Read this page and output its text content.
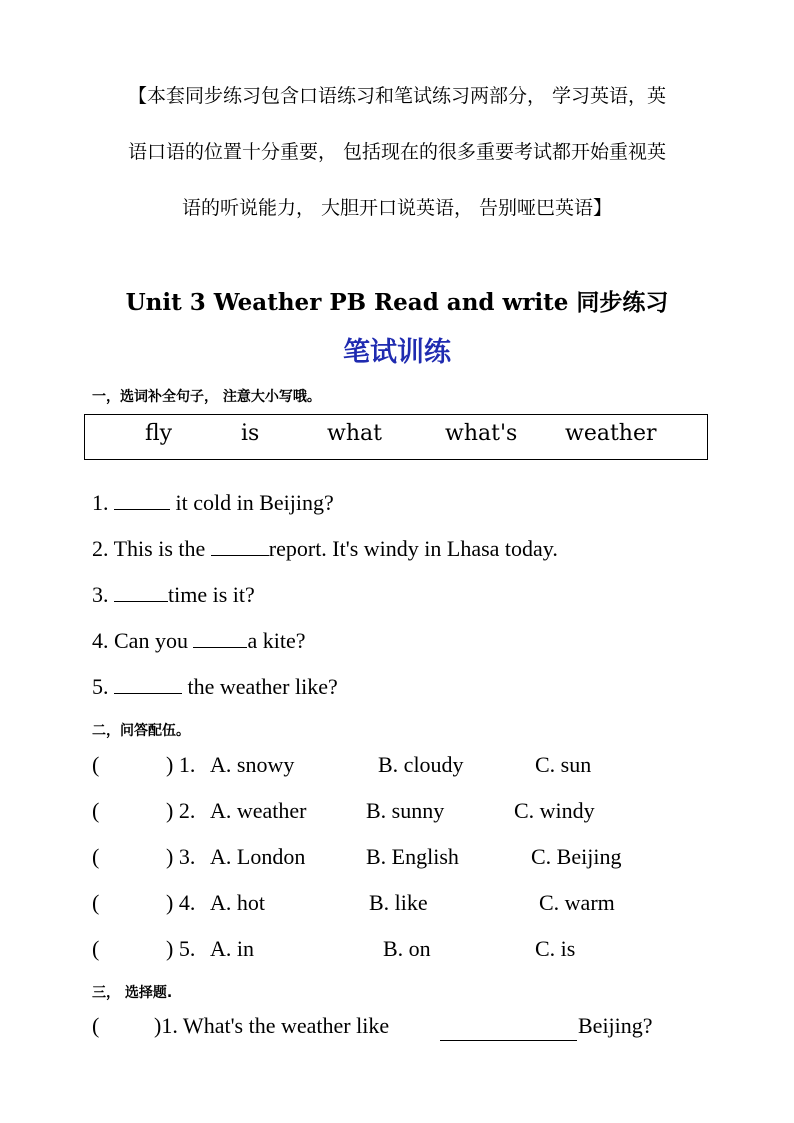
【本套同步练习包含口语练习和笔试练习两部分， 学习英语，英
语口语的位置十分重要， 包括现在的很多重要考试都开始重视英
语的听说能力， 大胆开口说英语， 告别哑巴英语】
Unit 3 Weather PB Read and write 同步练习
笔试训练
一，选词补全句子， 注意大小写哦。
fly	is	what	what's weather
1.	it cold in Beijing?
2. This is the	report. It's windy in Lhasa today.
3.	time is it?
4. Can you	a kite?
5.	the weather like?
二，问答配伍。
(	) 1. A. snowy	B. cloudy	C. sun
(	) 2. A. weather	B. sunny	C. windy
(	) 3. A. London	B. English	C. Beijing
(	) 4. A. hot	B. like	C. warm
(	) 5. A. in	B. on	C. is
三， 选择题.
( )1. What's the weather like	Beijing?
